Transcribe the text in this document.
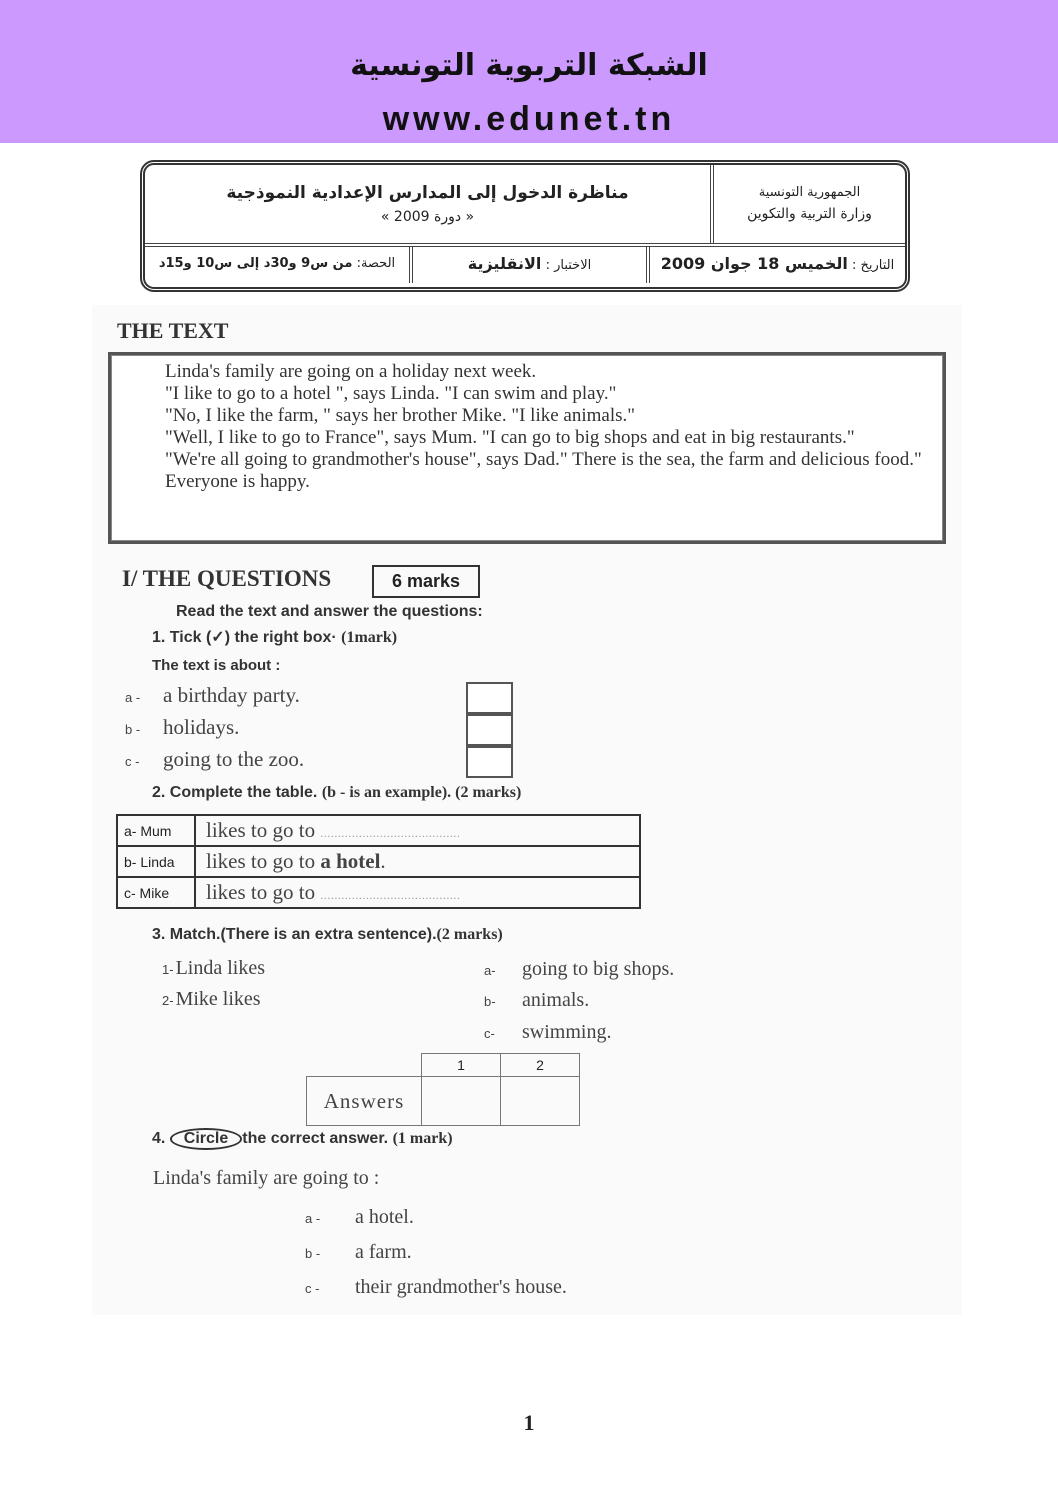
الشبكة التربوية التونسية
www.edunet.tn
مناظرة الدخول إلى المدارس الإعدادية النموذجية
« دورة 2009 »
الجمهورية التونسية
وزارة التربية والتكوين
التاريخ : الخميس 18 جوان 2009
الاختبار : الانقليزية
الحصة: من س9 و30د إلى س10 و15د
THE TEXT

Linda's family are going on a holiday next week.

"I like to go to a hotel ", says Linda. "I can swim and play."

"No, I like the farm, " says her brother Mike. "I like animals."

"Well, I like to go to France", says Mum. "I can go to big shops and eat in big restaurants."

"We're all going to grandmother's house", says Dad." There is the sea, the farm and delicious food."

Everyone is happy.

I/ THE QUESTIONS	6 marks
Read the text and answer the questions:
1. Tick (✓) the right box· (1mark)
The text is about :
a - a birthday party.
b - holidays.
c - going to the zoo.
2. Complete the table. (b - is an example). (2 marks)
a- Mum	likes to go to ........................................
b- Linda	likes to go to a hotel.
c- Mike	likes to go to ........................................
3. Match.(There is an extra sentence).(2 marks)
1- Linda likes
2- Mike likes
a- going to big shops.
b- animals.
c- swimming.
	1	2
Answers		
4. Circle the correct answer. (1 mark)
Linda's family are going to :
a - a hotel.
b - a farm.
c - their grandmother's house.
1
